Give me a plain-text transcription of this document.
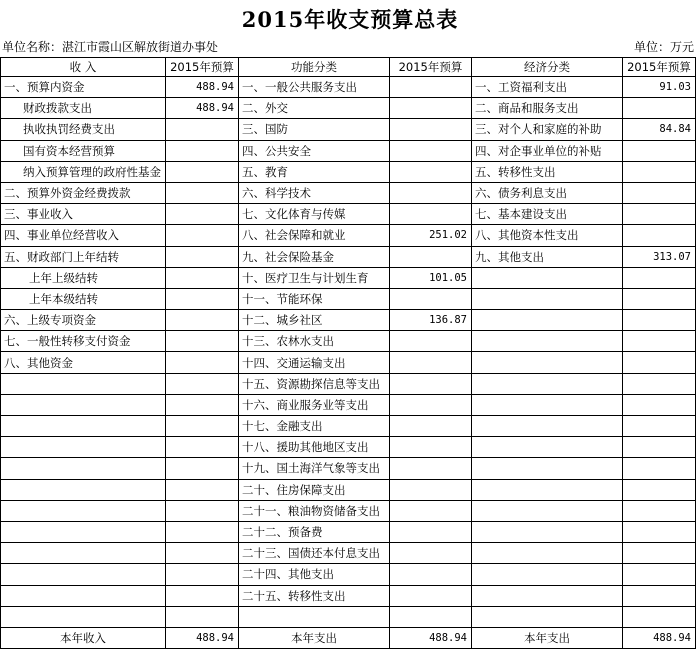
2015年收支预算总表
单位名称：湛江市霞山区解放街道办事处	单位：万元
收 入	2015年预算	功能分类	2015年预算	经济分类	2015年预算
一、预算内资金	488.94	一、一般公共服务支出		一、工资福利支出	91.03
财政拨款支出	488.94	二、外交		二、商品和服务支出	
执收执罚经费支出		三、国防		三、对个人和家庭的补助	84.84
国有资本经营预算		四、公共安全		四、对企事业单位的补贴	
纳入预算管理的政府性基金		五、教育		五、转移性支出	
二、预算外资金经费拨款		六、科学技术		六、债务利息支出	
三、事业收入		七、文化体育与传媒		七、基本建设支出	
四、事业单位经营收入		八、社会保障和就业	251.02	八、其他资本性支出	
五、财政部门上年结转		九、社会保险基金		九、其他支出	313.07
上年上级结转		十、医疗卫生与计划生育	101.05		
上年本级结转		十一、节能环保			
六、上级专项资金		十二、城乡社区	136.87		
七、一般性转移支付资金		十三、农林水支出			
八、其他资金		十四、交通运输支出			
		十五、资源勘探信息等支出			
		十六、商业服务业等支出			
		十七、金融支出			
		十八、援助其他地区支出			
		十九、国土海洋气象等支出			
		二十、住房保障支出			
		二十一、粮油物资储备支出			
		二十二、预备费			
		二十三、国债还本付息支出			
		二十四、其他支出			
		二十五、转移性支出			

本年收入	488.94	本年支出	488.94	本年支出	488.94
